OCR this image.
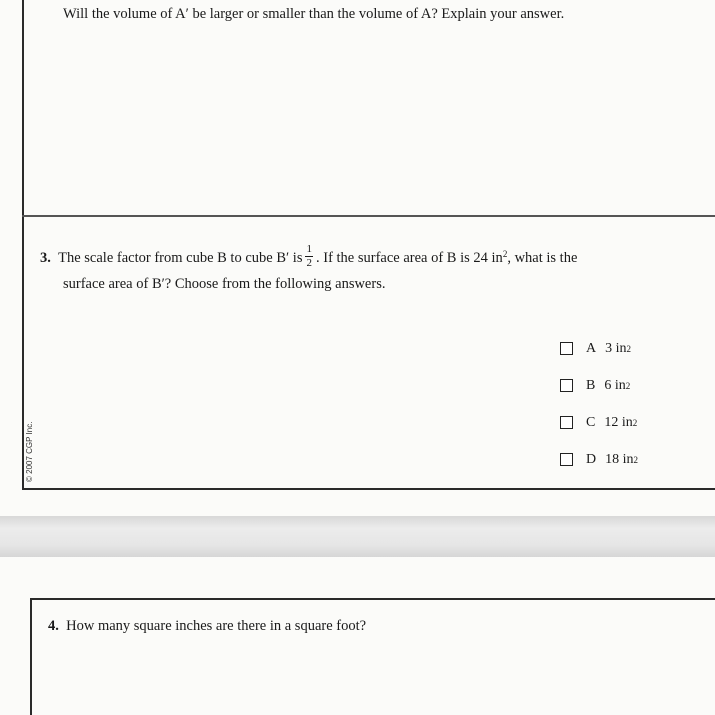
Will the volume of A′ be larger or smaller than the volume of A? Explain your answer.
3. The scale factor from cube B to cube B′ is $\frac{1}{2}$ . If the surface area of B is 24 $in^2$, what is the
surface area of B′? Choose from the following answers.
A 3 in 2
B 6 in 2
C 12 in 2
D 18 in 2
© 2007 CGP Inc.
4. How many square inches are there in a square foot?
